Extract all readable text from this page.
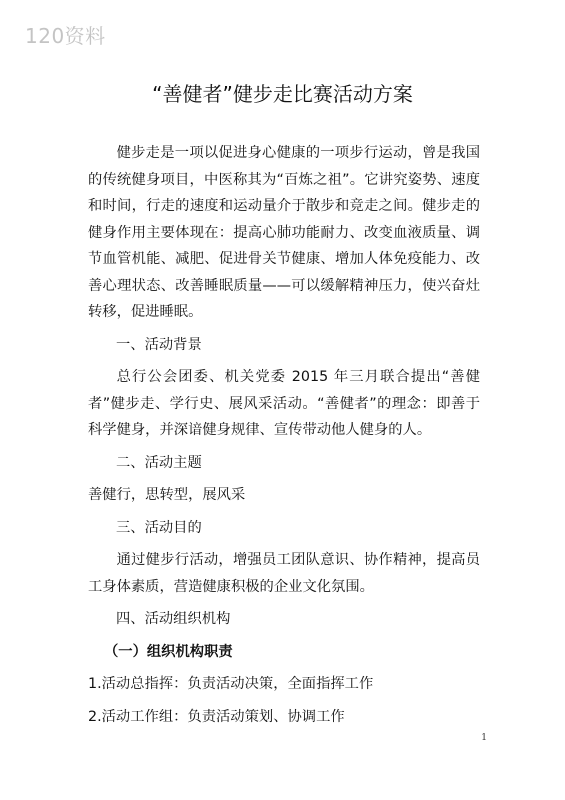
120资料
“善健者”健步走比赛活动方案

健步走是一项以促进身心健康的一项步行运动，曾是我国的传统健身项目，中医称其为“百炼之祖”。它讲究姿势、速度和时间，行走的速度和运动量介于散步和竞走之间。健步走的健身作用主要体现在：提高心肺功能耐力、改变血液质量、调节血管机能、减肥、促进骨关节健康、增加人体免疫能力、改善心理状态、改善睡眠质量——可以缓解精神压力，使兴奋灶转移，促进睡眠。

一、活动背景

总行公会团委、机关党委 2015 年三月联合提出“善健者”健步走、学行史、展风采活动。“善健者”的理念：即善于科学健身，并深谙健身规律、宣传带动他人健身的人。

二、活动主题

善健行，思转型，展风采

三、活动目的

通过健步行活动，增强员工团队意识、协作精神，提高员工身体素质，营造健康积极的企业文化氛围。

四、活动组织机构

（一）组织机构职责

1.活动总指挥：负责活动决策，全面指挥工作

2.活动工作组：负责活动策划、协调工作

1
